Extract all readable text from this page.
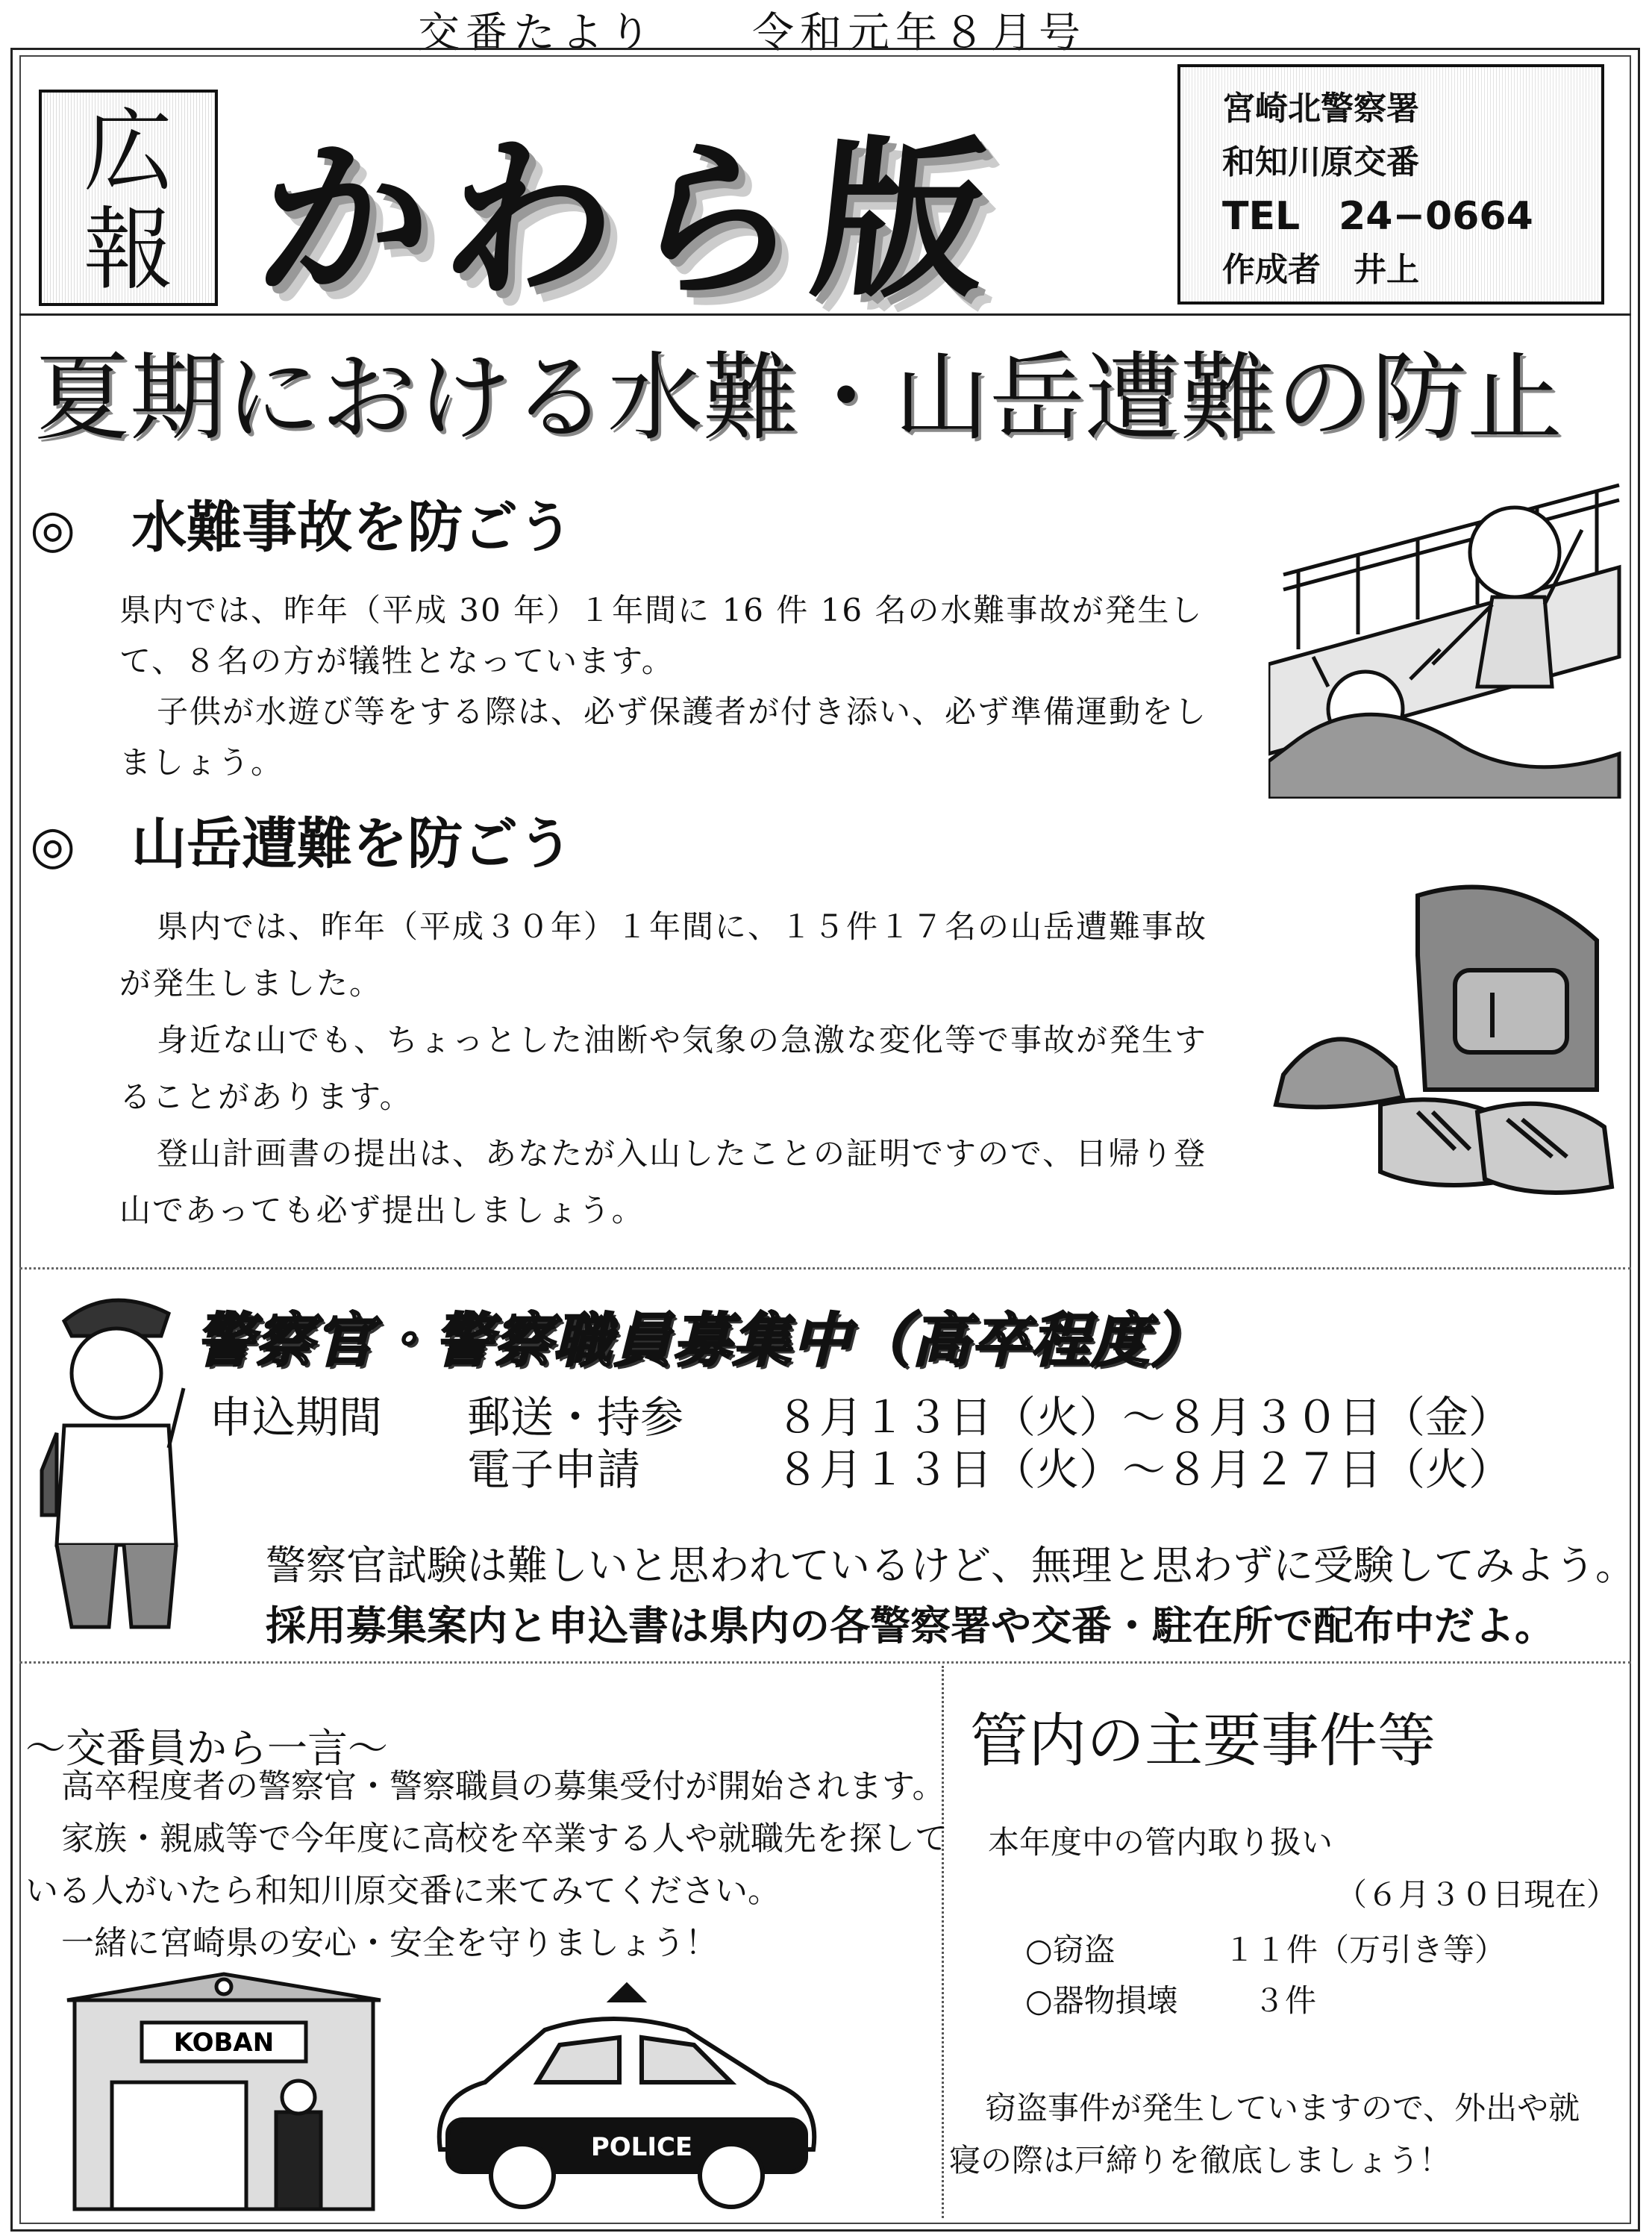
交番たより　　令和元年８月号
広
報 かわら版
宮崎北警察署
和知川原交番
TEL　24−0664
作成者　井上
夏期における水難・山岳遭難の防止
◎ 水難事故を防ごう
県内では、昨年（平成 30 年）１年間に 16 件 16 名の水難事故が発生し
て、８名の方が犠牲となっています。
子供が水遊び等をする際は、必ず保護者が付き添い、必ず準備運動をし
ましょう。
◎ 山岳遭難を防ごう
県内では、昨年（平成３０年）１年間に、１５件１７名の山岳遭難事故
が発生しました。
身近な山でも、ちょっとした油断や気象の急激な変化等で事故が発生す
ることがあります。
登山計画書の提出は、あなたが入山したことの証明ですので、日帰り登
山であっても必ず提出しましょう。
警察官・警察職員募集中（高卒程度）
申込期間 郵送・持参 ８月１３日（火）～８月３０日（金）
電子申請	８月１３日（火）～８月２７日（火）
警察官試験は難しいと思われているけど、無理と思わずに受験してみよう。
採用募集案内と申込書は県内の各警察署や交番・駐在所で配布中だよ。
～交番員から一言～
高卒程度者の警察官・警察職員の募集受付が開始されます。
家族・親戚等で今年度に高校を卒業する人や就職先を探して
いる人がいたら和知川原交番に来てみてください。
一緒に宮崎県の安心・安全を守りましょう！
KOBAN
POLICE
管内の主要事件等
本年度中の管内取り扱い
（６月３０日現在）
○窃盗	１１件（万引き等）
○器物損壊 ３件
窃盗事件が発生していますので、外出や就
寝の際は戸締りを徹底しましょう！
